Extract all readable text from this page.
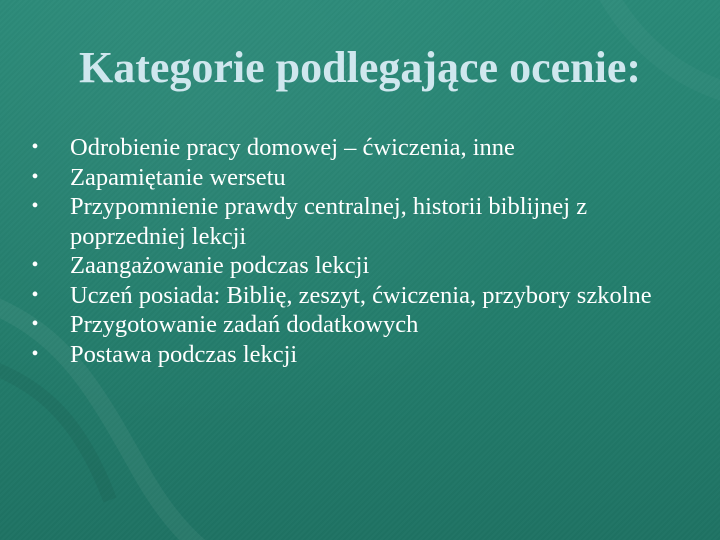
Kategorie podlegające ocenie:
• Odrobienie pracy domowej – ćwiczenia, inne
• Zapamiętanie wersetu
• Przypomnienie prawdy centralnej, historii biblijnej z poprzedniej lekcji
• Zaangażowanie podczas lekcji
• Uczeń posiada: Biblię, zeszyt, ćwiczenia, przybory szkolne
• Przygotowanie zadań dodatkowych
• Postawa podczas lekcji
